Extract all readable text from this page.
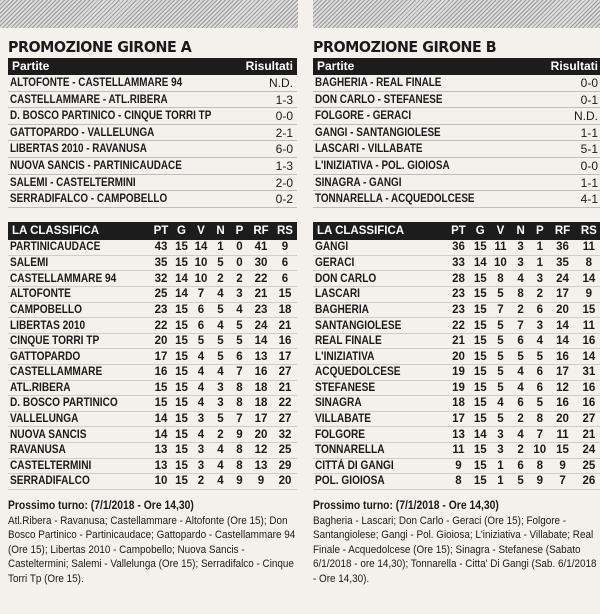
PROMOZIONE GIRONE A
Partite	Risultati
ALTOFONTE - CASTELLAMMARE 94	N.D.
CASTELLAMMARE - ATL.RIBERA	1-3
D. BOSCO PARTINICO - CINQUE TORRI TP	0-0
GATTOPARDO - VALLELUNGA	2-1
LIBERTAS 2010 - RAVANUSA	6-0
NUOVA SANCIS - PARTINICAUDACE	1-3
SALEMI - CASTELTERMINI	2-0
SERRADIFALCO - CAMPOBELLO	0-2
LA CLASSIFICA	PT	G	V	N	P	RF	RS
PARTINICAUDACE	43	15	14	1	0	41	9
SALEMI	35	15	10	5	0	30	6
CASTELLAMMARE 94	32	14	10	2	2	22	6
ALTOFONTE	25	14	7	4	3	21	15
CAMPOBELLO	23	15	6	5	4	23	18
LIBERTAS 2010	22	15	6	4	5	24	21
CINQUE TORRI TP	20	15	5	5	5	14	16
GATTOPARDO	17	15	4	5	6	13	17
CASTELLAMMARE	16	15	4	4	7	16	27
ATL.RIBERA	15	15	4	3	8	18	21
D. BOSCO PARTINICO	15	15	4	3	8	18	22
VALLELUNGA	14	15	3	5	7	17	27
NUOVA SANCIS	14	15	4	2	9	20	32
RAVANUSA	13	15	3	4	8	12	25
CASTELTERMINI	13	15	3	4	8	13	29
SERRADIFALCO	10	15	2	4	9	9	20
Prossimo turno: (7/1/2018 - Ore 14,30)
Atl.Ribera - Ravanusa; Castellammare - Altofonte (Ore 15); Don Bosco Partinico - Partinicaudace; Gattopardo - Castellammare 94 (Ore 15); Libertas 2010 - Campobello; Nuova Sancis - Casteltermini; Salemi - Vallelunga (Ore 15); Serradifalco - Cinque Torri Tp (Ore 15).
PROMOZIONE GIRONE B
Partite	Risultati
BAGHERIA - REAL FINALE	0-0
DON CARLO - STEFANESE	0-1
FOLGORE - GERACI	N.D.
GANGI - SANTANGIOLESE	1-1
LASCARI - VILLABATE	5-1
L'INIZIATIVA - POL. GIOIOSA	0-0
SINAGRA - GANGI	1-1
TONNARELLA - ACQUEDOLCESE	4-1
LA CLASSIFICA	PT	G	V	N	P	RF	RS
GANGI	36	15	11	3	1	36	11
GERACI	33	14	10	3	1	35	8
DON CARLO	28	15	8	4	3	24	14
LASCARI	23	15	5	8	2	17	9
BAGHERIA	23	15	7	2	6	20	15
SANTANGIOLESE	22	15	5	7	3	14	11
REAL FINALE	21	15	5	6	4	14	16
L'INIZIATIVA	20	15	5	5	5	16	14
ACQUEDOLCESE	19	15	5	4	6	17	31
STEFANESE	19	15	5	4	6	12	16
SINAGRA	18	15	4	6	5	16	16
VILLABATE	17	15	5	2	8	20	27
FOLGORE	13	14	3	4	7	11	21
TONNARELLA	11	15	3	2	10	15	24
CITTÀ DI GANGI	9	15	1	6	8	9	25
POL. GIOIOSA	8	15	1	5	9	7	26
Prossimo turno: (7/1/2018 - Ore 14,30)
Bagheria - Lascari; Don Carlo - Geraci (Ore 15); Folgore - Santangiolese; Gangi - Pol. Gioiosa; L'iniziativa - Villabate; Real Finale - Acquedolcese (Ore 15); Sinagra - Stefanese (Sabato 6/1/2018 - ore 14,30); Tonnarella - Citta' Di Gangi (Sab. 6/1/2018 - Ore 14,30).
